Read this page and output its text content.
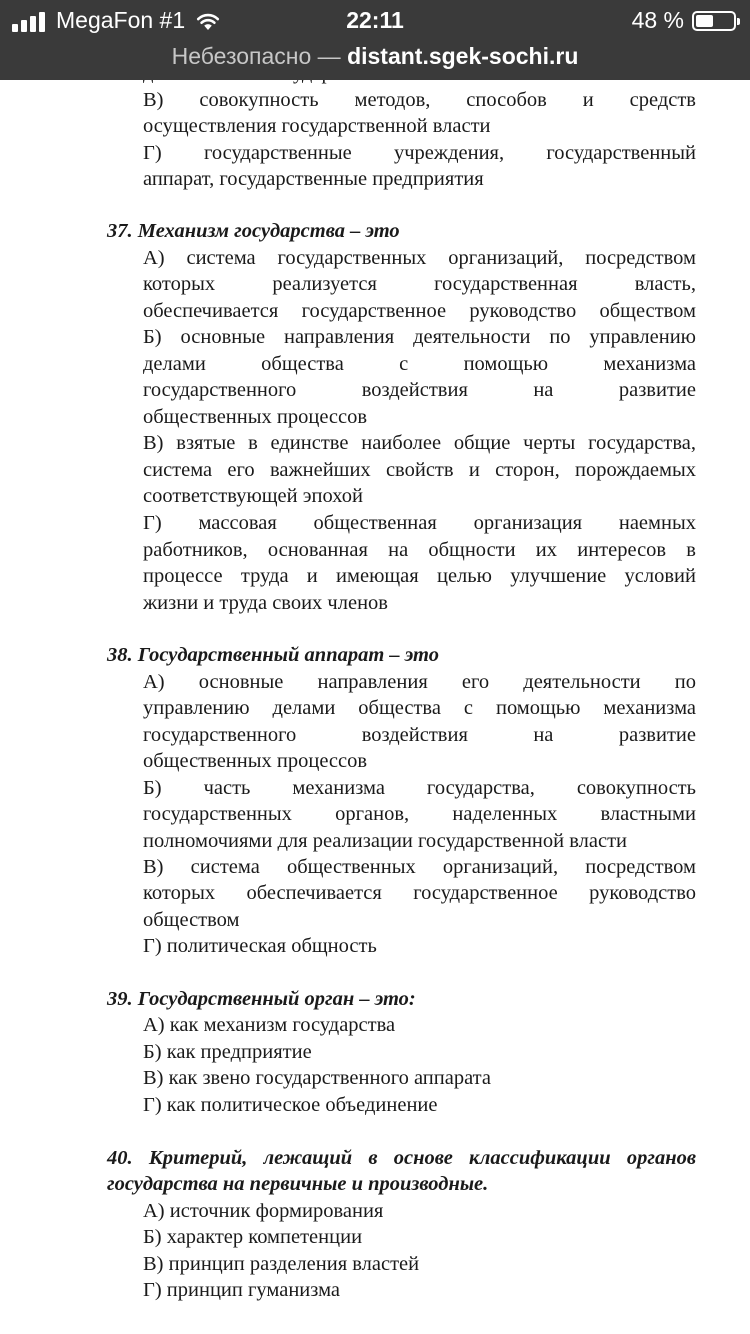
В) совокупность методов, способов и средств
осуществления государственной власти
Г) государственные учреждения, государственный
аппарат, государственные предприятия
37. Механизм государства – это
А) система государственных организаций, посредством
которых реализуется государственная власть,
обеспечивается государственное руководство обществом
Б) основные направления деятельности по управлению
делами общества с помощью механизма
государственного воздействия на развитие
общественных процессов
В) взятые в единстве наиболее общие черты государства,
система его важнейших свойств и сторон, порождаемых
соответствующей эпохой
Г) массовая общественная организация наемных
работников, основанная на общности их интересов в
процессе труда и имеющая целью улучшение условий
жизни и труда своих членов
38. Государственный аппарат – это
А) основные направления его деятельности по
управлению делами общества с помощью механизма
государственного воздействия на развитие
общественных процессов
Б) часть механизма государства, совокупность
государственных органов, наделенных властными
полномочиями для реализации государственной власти
В) система общественных организаций, посредством
которых обеспечивается государственное руководство
обществом
Г) политическая общность
39. Государственный орган – это:
А) как механизм государства
Б) как предприятие
В) как звено государственного аппарата
Г) как политическое объединение
40. Критерий, лежащий в основе классификации органов
государства на первичные и производные.
А) источник формирования
Б) характер компетенции
В) принцип разделения властей
Г) принцип гуманизма
MegaFon #1	22:11	48 %
Небезопасно — distant.sgek-sochi.ru
